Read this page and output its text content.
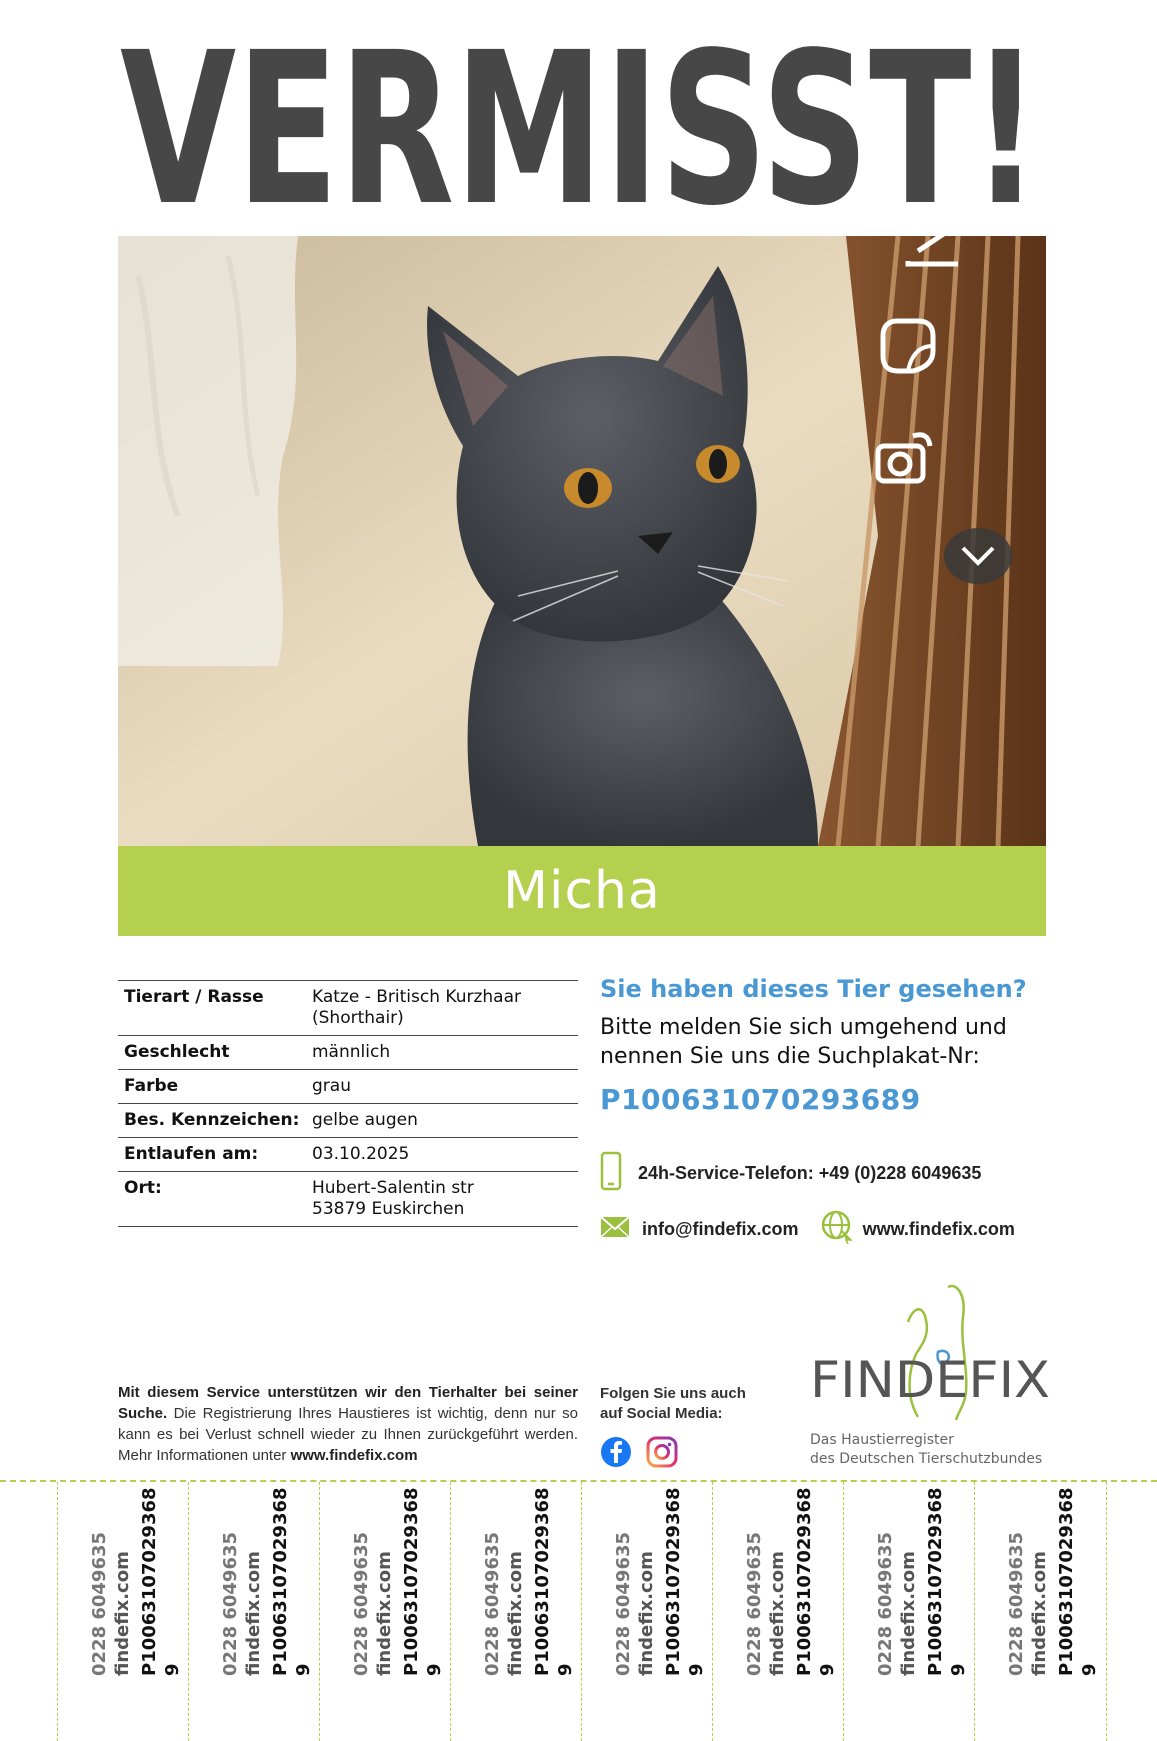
VERMISST!
Micha
Tierart / Rasse	Katze - Britisch Kurzhaar
(Shorthair)
Geschlecht	männlich
Farbe	grau
Bes. Kennzeichen:	gelbe augen
Entlaufen am:	03.10.2025
Ort:	Hubert-Salentin str
53879 Euskirchen

Sie haben dieses Tier gesehen?

Bitte melden Sie sich umgehend und
nennen Sie uns die Suchplakat-Nr:
P100631070293689
24h-Service-Telefon: +49 (0)228 6049635
info@findefix.com	www.findefix.com
Mit diesem Service unterstützen wir den Tierhalter bei seiner Suche. Die Registrierung Ihres Haustieres ist wichtig, denn nur so kann es bei Verlust schnell wieder zu Ihnen zurückgeführt werden. Mehr Informationen unter www.findefix.com
Folgen Sie uns auch
auf Social Media:
FINDEFIX
Das Haustierregister
des Deutschen Tierschutzbundes
0228 6049635 findefix.com P100631070293689 0228 6049635 findefix.com P100631070293689 0228 6049635 findefix.com P100631070293689 0228 6049635 findefix.com P100631070293689 0228 6049635 findefix.com P100631070293689 0228 6049635 findefix.com P100631070293689 0228 6049635 findefix.com P100631070293689 0228 6049635 findefix.com P100631070293689
